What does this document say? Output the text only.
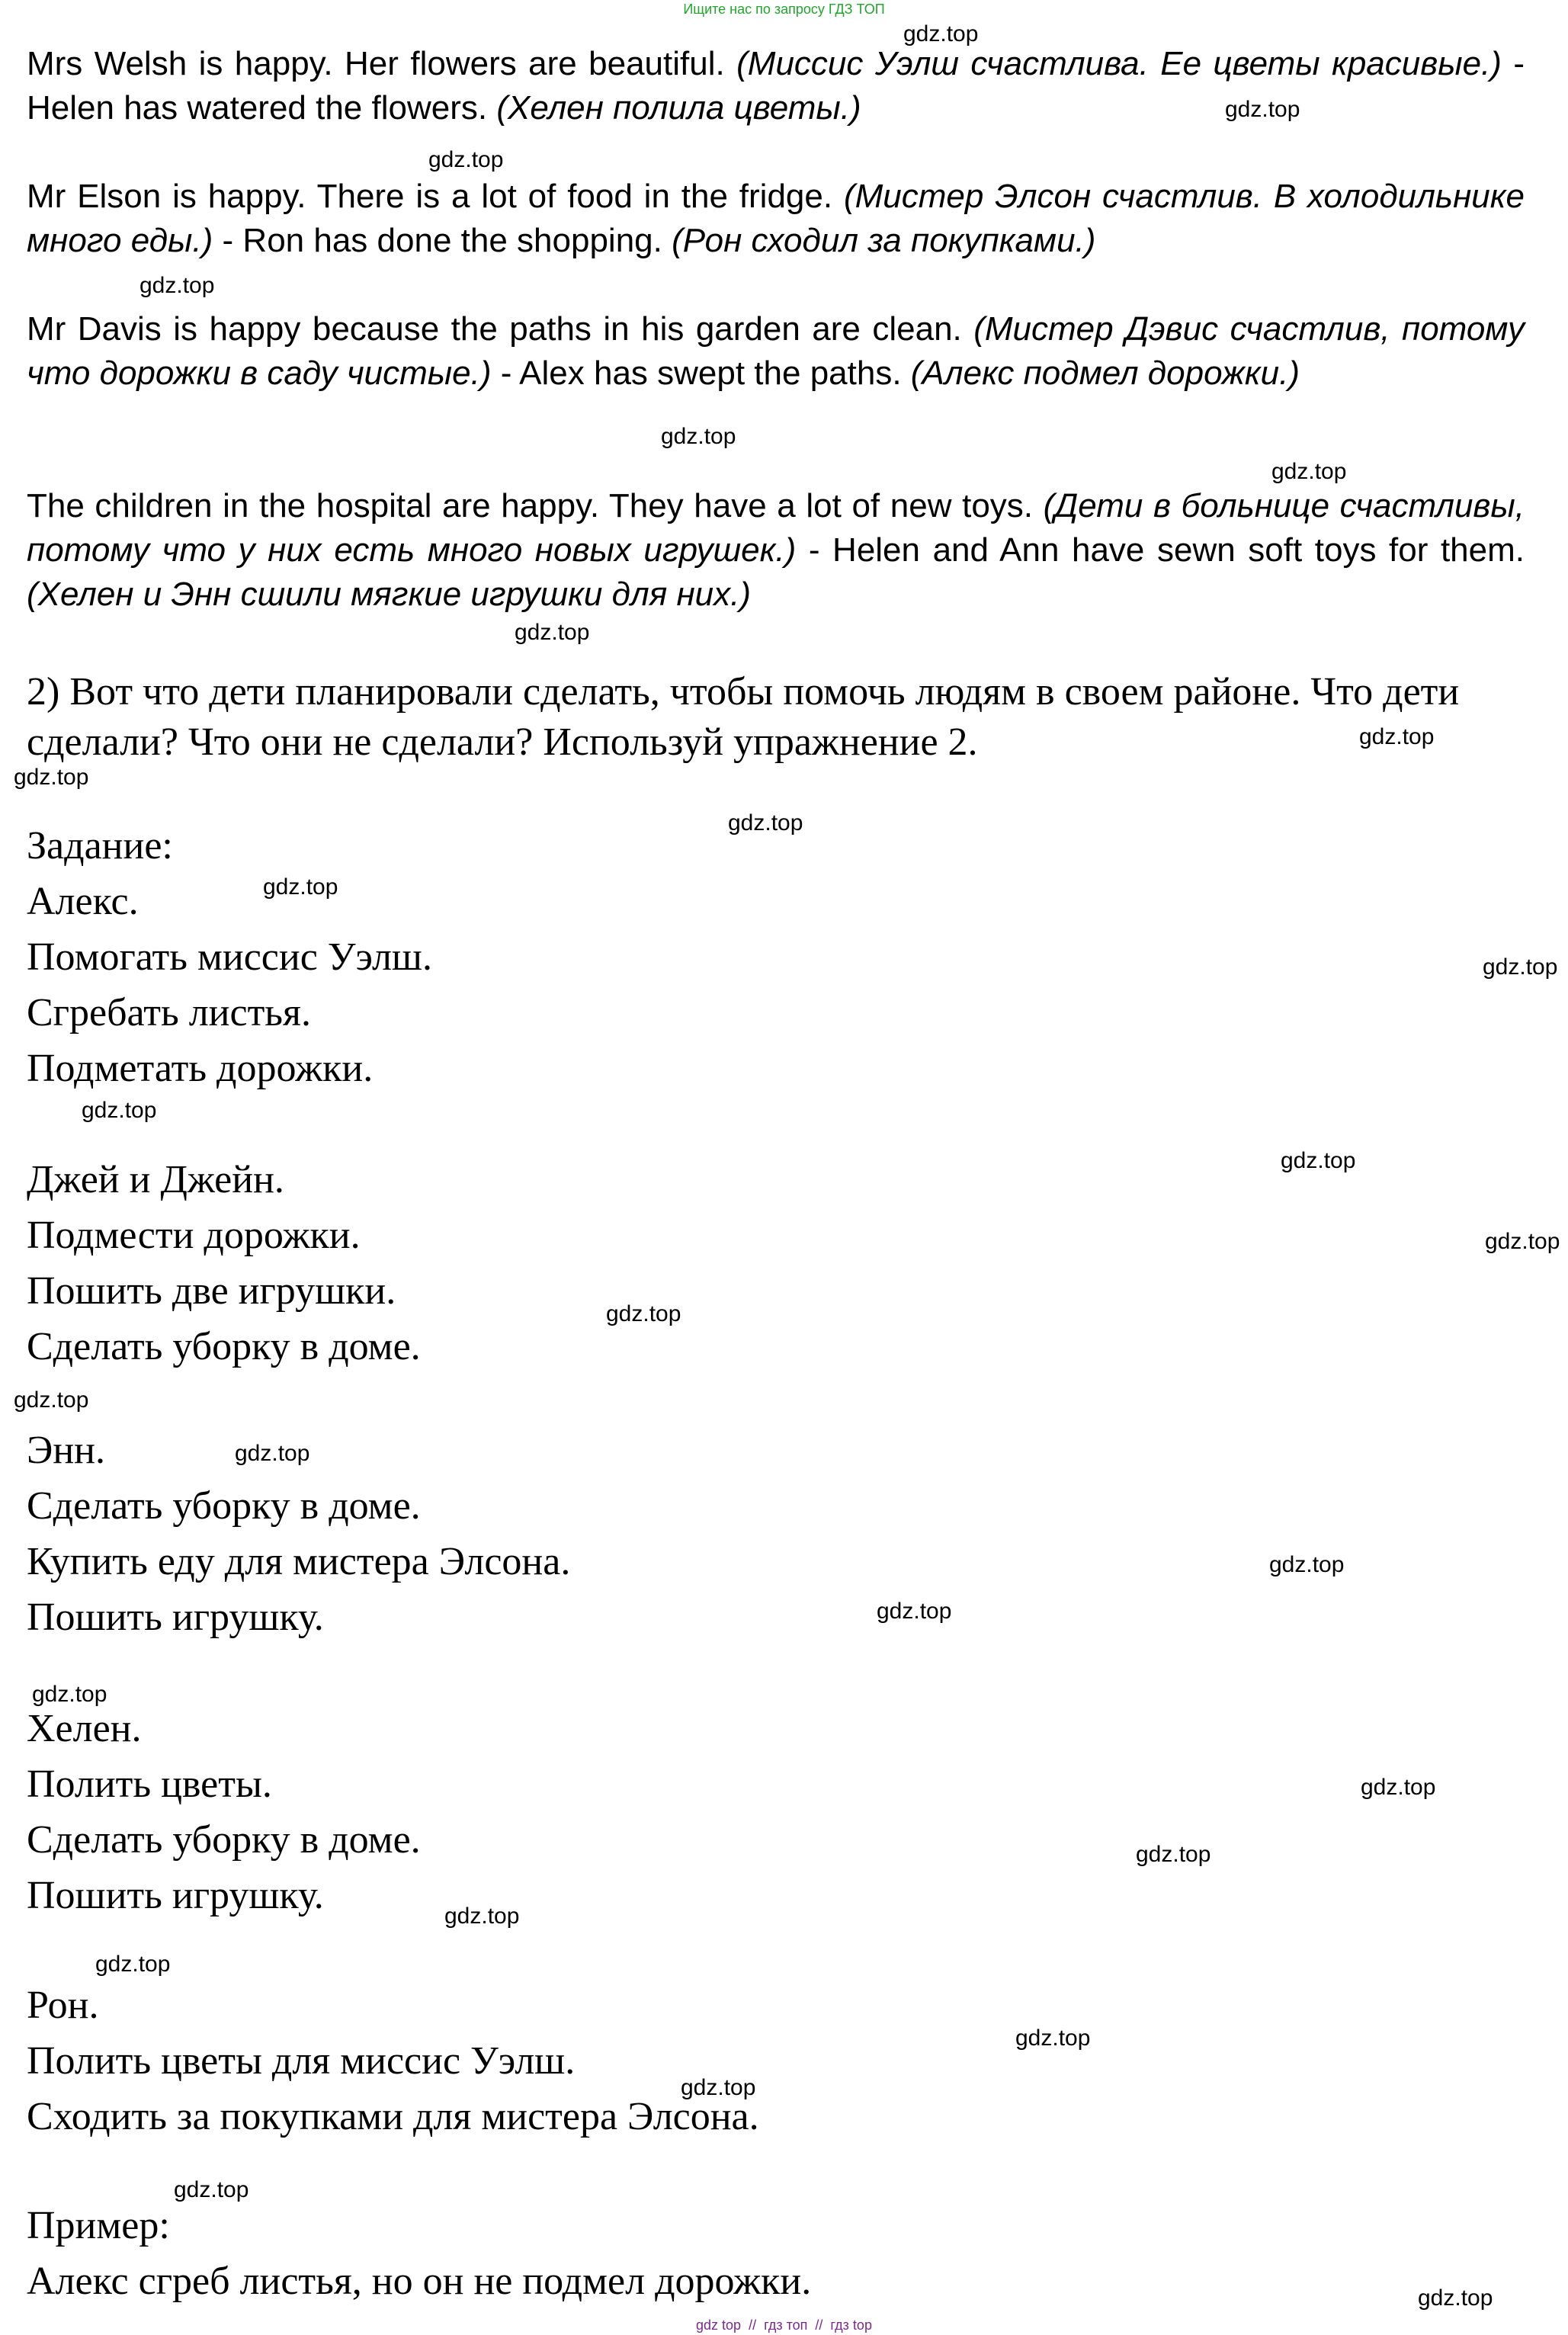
Ищите нас по запросу ГДЗ ТОП

Mrs Welsh is happy. Her flowers are beautiful. (Миссис Уэлш счастлива. Ее цветы красивые.) - Helen has watered the flowers. (Хелен полила цветы.)

Mr Elson is happy. There is a lot of food in the fridge. (Мистер Элсон счастлив. В холодильнике много еды.) - Ron has done the shopping. (Рон сходил за покупками.)

Mr Davis is happy because the paths in his garden are clean. (Мистер Дэвис счастлив, потому что дорожки в саду чистые.) - Alex has swept the paths. (Алекс подмел дорожки.)

The children in the hospital are happy. They have a lot of new toys. (Дети в больнице счастливы, потому что у них есть много новых игрушек.) - Helen and Ann have sewn soft toys for them. (Хелен и Энн сшили мягкие игрушки для них.)

2) Вот что дети планировали сделать, чтобы помочь людям в своем районе. Что дети сделали? Что они не сделали? Используй упражнение 2.

Задание:
Алекс.
Помогать миссис Уэлш.
Сгребать листья.
Подметать дорожки.
Джей и Джейн.
Подмести дорожки.
Пошить две игрушки.
Сделать уборку в доме.
Энн.
Сделать уборку в доме.
Купить еду для мистера Элсона.
Пошить игрушку.
Хелен.
Полить цветы.
Сделать уборку в доме.
Пошить игрушку.
Рон.
Полить цветы для миссис Уэлш.
Сходить за покупками для мистера Элсона.
Пример:
Алекс сгреб листья, но он не подмел дорожки.
gdz.top
gdz.top
gdz.top
gdz.top
gdz.top
gdz.top
gdz.top
gdz.top
gdz.top
gdz.top
gdz.top
gdz.top
gdz.top
gdz.top
gdz.top
gdz.top
gdz.top
gdz.top
gdz.top
gdz.top
gdz.top
gdz.top
gdz.top
gdz.top
gdz.top
gdz.top
gdz.top
gdz.top
gdz.top
gdz top // гдз топ // гдз top
